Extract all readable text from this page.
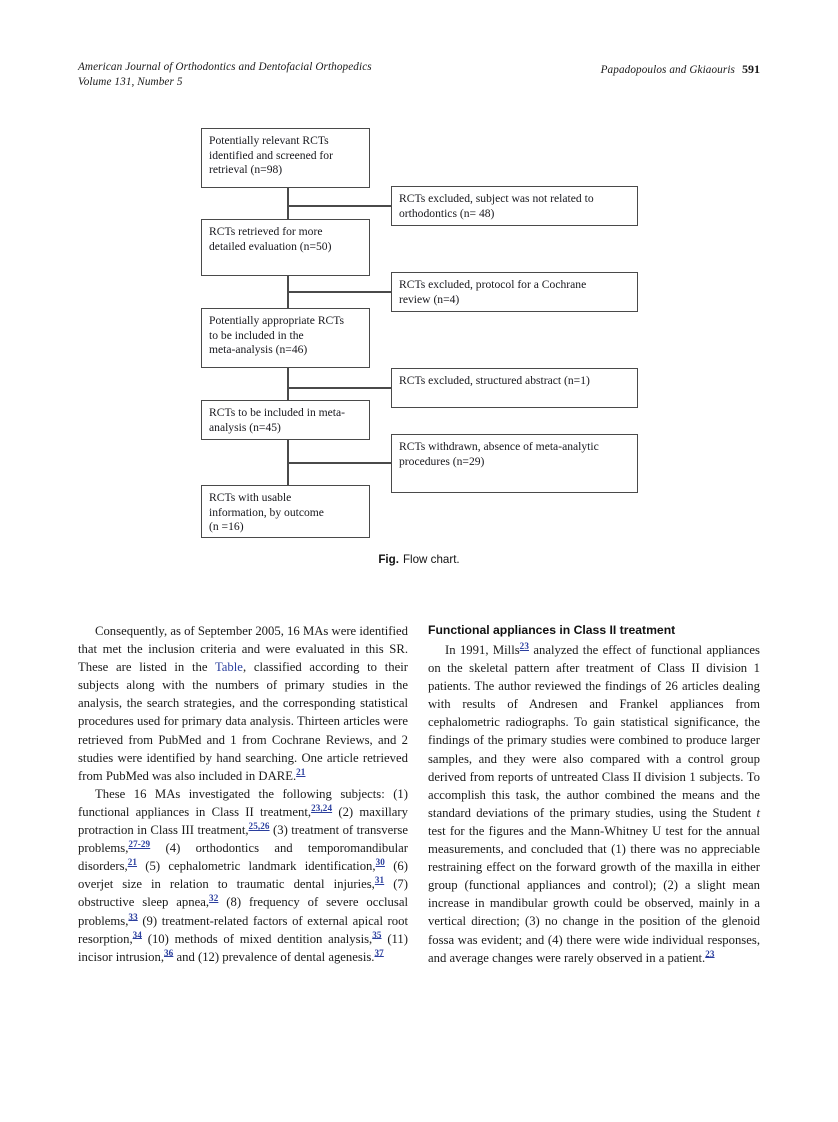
American Journal of Orthodontics and Dentofacial Orthopedics
Volume 131, Number 5
Papadopoulos and Gkiaouris 591
Potentially relevant RCTs
identified and screened for
retrieval (n=98)
RCTs retrieved for more
detailed evaluation (n=50)
Potentially appropriate RCTs
to be included in the
meta-analysis (n=46)
RCTs to be included in meta-
analysis (n=45)
RCTs with usable
information, by outcome
(n =16)
RCTs excluded, subject was not related to
orthodontics (n= 48)
RCTs excluded, protocol for a Cochrane
review (n=4)
RCTs excluded, structured abstract (n=1)
RCTs withdrawn, absence of meta-analytic
procedures (n=29)
Fig. Flow chart.

Consequently, as of September 2005, 16 MAs were identified that met the inclusion criteria and were evaluated in this SR. These are listed in the Table, classified according to their subjects along with the numbers of primary studies in the analysis, the search strategies, and the corresponding statistical procedures used for primary data analysis. Thirteen articles were retrieved from PubMed and 1 from Cochrane Reviews, and 2 studies were identified by hand searching. One article retrieved from PubMed was also included in DARE.$^{21}$

These 16 MAs investigated the following subjects: (1) functional appliances in Class II treatment,$^{23,24}$ (2) maxillary protraction in Class III treatment,$^{25,26}$ (3) treatment of transverse problems,$^{27-29}$ (4) orthodontics and temporomandibular disorders,$^{21}$ (5) cephalometric landmark identification,$^{30}$ (6) overjet size in relation to traumatic dental injuries,$^{31}$ (7) obstructive sleep apnea,$^{32}$ (8) frequency of severe occlusal problems,$^{33}$ (9) treatment-related factors of external apical root resorption,$^{34}$ (10) methods of mixed dentition analysis,$^{35}$ (11) incisor intrusion,$^{36}$ and (12) prevalence of dental agenesis.$^{37}$

Functional appliances in Class II treatment

In 1991, Mills$^{23}$ analyzed the effect of functional appliances on the skeletal pattern after treatment of Class II division 1 patients. The author reviewed the findings of 26 articles dealing with results of Andresen and Frankel appliances from cephalometric radiographs. To gain statistical significance, the findings of the primary studies were combined to produce larger samples, and they were also compared with a control group derived from reports of untreated Class II division 1 subjects. To accomplish this task, the author combined the means and the standard deviations of the primary studies, using the Student t test for the figures and the Mann-Whitney U test for the annual measurements, and concluded that (1) there was no appreciable restraining effect on the forward growth of the maxilla in either group (functional appliances and control); (2) a slight mean increase in mandibular growth could be observed, mainly in a vertical direction; (3) no change in the position of the glenoid fossa was evident; and (4) there were wide individual responses, and average changes were rarely observed in a patient.$^{23}$
